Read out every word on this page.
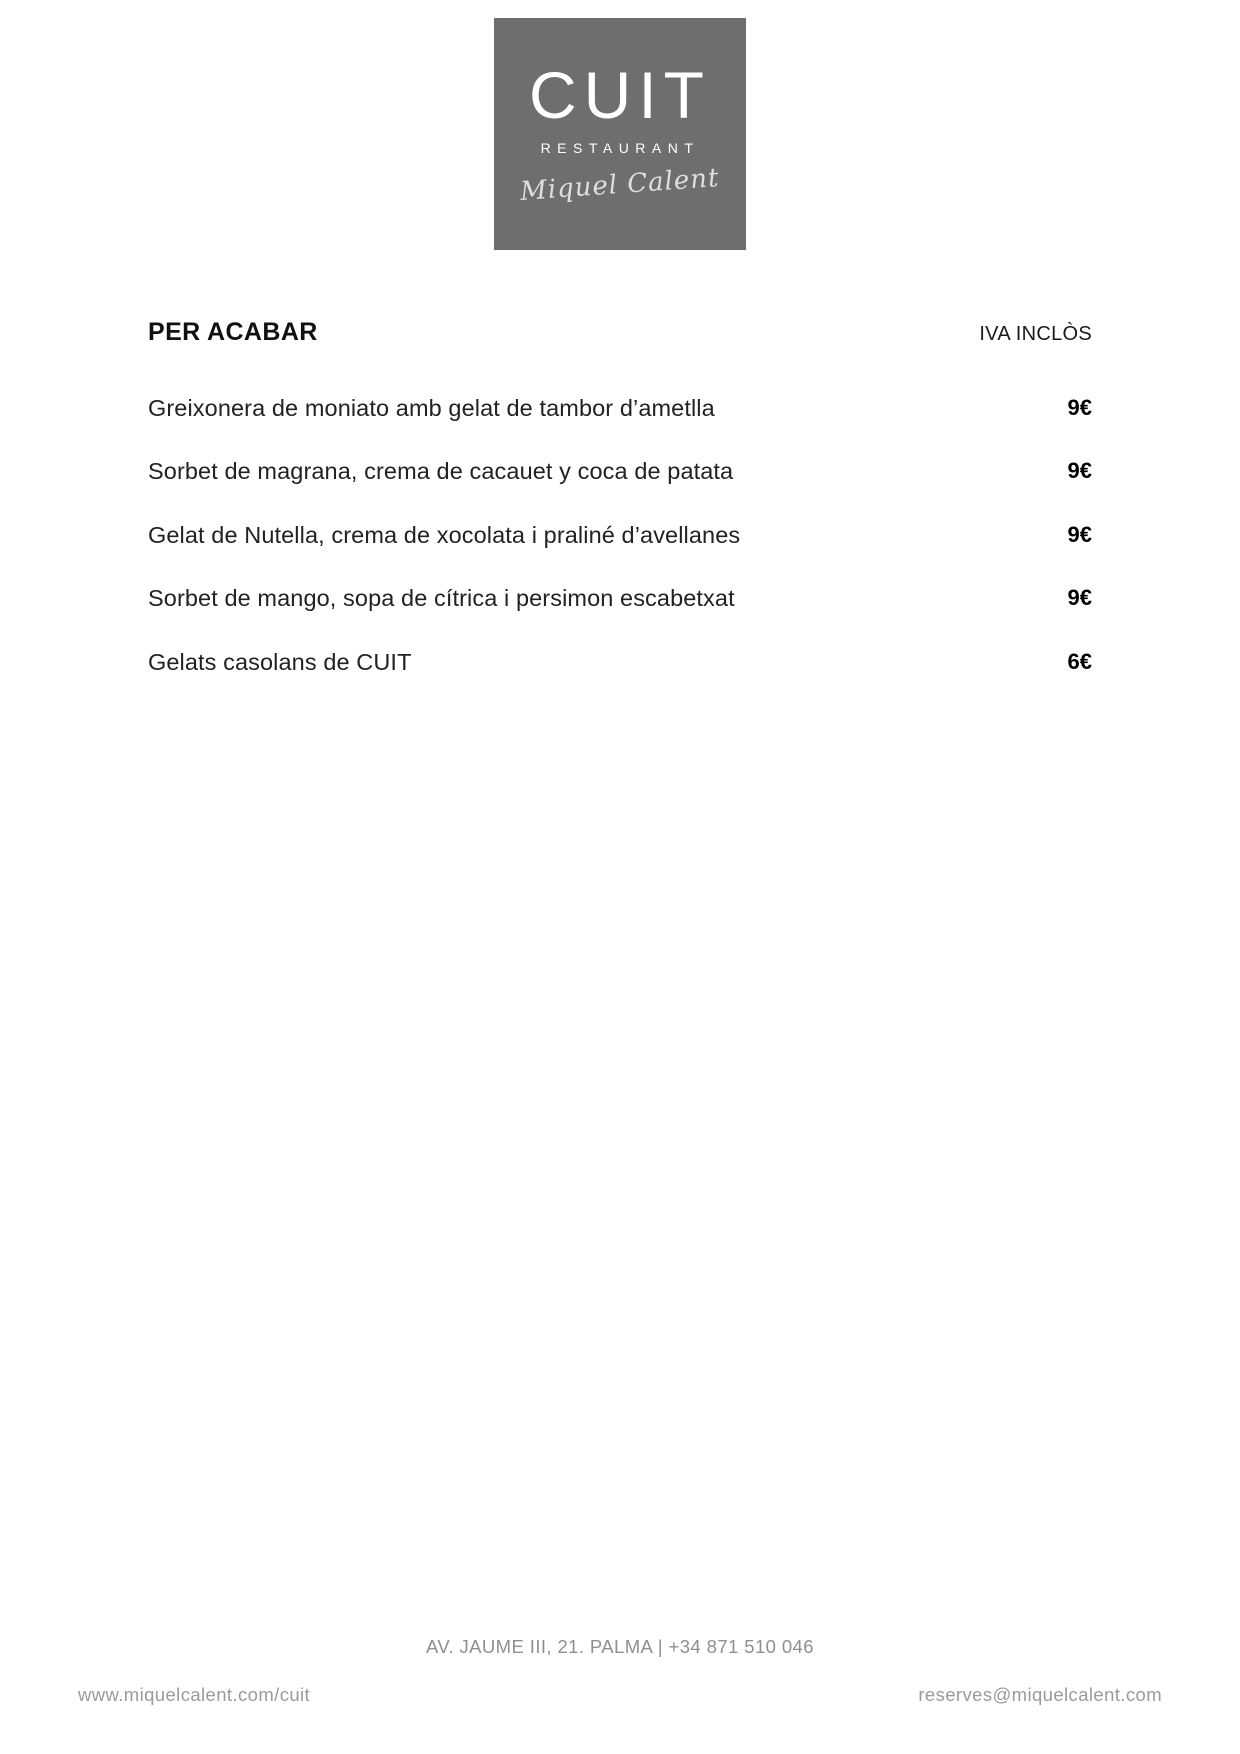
CUIT
RESTAURANT
Miquel Calent
PER ACABAR	IVA INCLÒS
Greixonera de moniato amb gelat de tambor d’ametlla	9€
Sorbet de magrana, crema de cacauet y coca de patata	9€
Gelat de Nutella, crema de xocolata i praliné d’avellanes	9€
Sorbet de mango, sopa de cítrica i persimon escabetxat	9€
Gelats casolans de CUIT	6€
AV. JAUME III, 21. PALMA | +34 871 510 046
www.miquelcalent.com/cuit	reserves@miquelcalent.com
